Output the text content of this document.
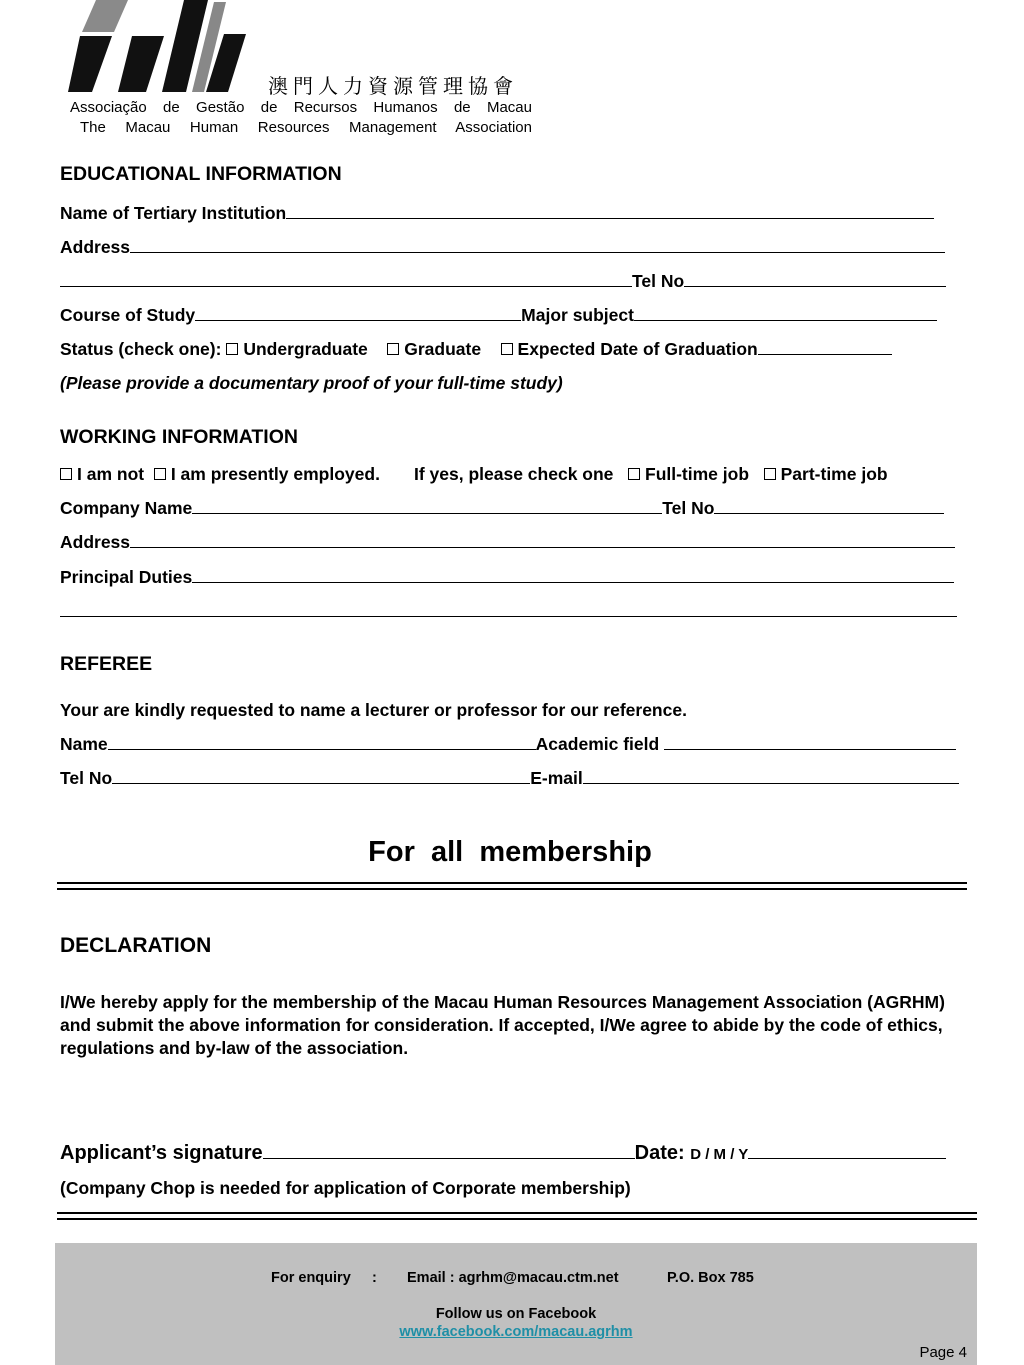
澳門人力資源管理協會
Associação de Gestão de Recursos Humanos de Macau
The Macau Human Resources Management Association
EDUCATIONAL INFORMATION
Name of Tertiary Institution
Address
Tel No
Course of Study	Major subject
Status (check one): Undergraduate Graduate Expected Date of Graduation
(Please provide a documentary proof of your full-time study)
WORKING INFORMATION
I am not I am presently employed. If yes, please check one Full-time job Part-time job
Company Name	Tel No
Address
Principal Duties
REFEREE
Your are kindly requested to name a lecturer or professor for our reference.
Name	Academic field
Tel No	E-mail
For  all  membership
DECLARATION
I/We hereby apply for the membership of the Macau Human Resources Management Association (AGRHM) and submit the above information for consideration. If accepted, I/We agree to abide by the code of ethics, regulations and by-law of the association.
Applicant’s signature	Date: D / M / Y
(Company Chop is needed for application of Corporate membership)
For enquiry : Email : agrhm@macau.ctm.net	P.O. Box 785
Follow us on Facebook
www.facebook.com/macau.agrhm
Page 4
